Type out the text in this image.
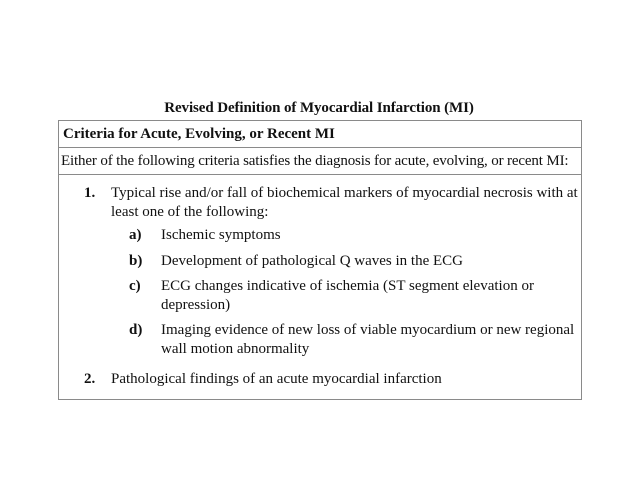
Revised Definition of Myocardial Infarction (MI)
Criteria for Acute, Evolving, or Recent MI
Either of the following criteria satisfies the diagnosis for acute, evolving, or recent MI:
1. Typical rise and/or fall of biochemical markers of myocardial necrosis with at
least one of the following:
a) Ischemic symptoms
b) Development of pathological Q waves in the ECG
c) ECG changes indicative of ischemia (ST segment elevation or
depression)
d) Imaging evidence of new loss of viable myocardium or new regional
wall motion abnormality
2. Pathological findings of an acute myocardial infarction
